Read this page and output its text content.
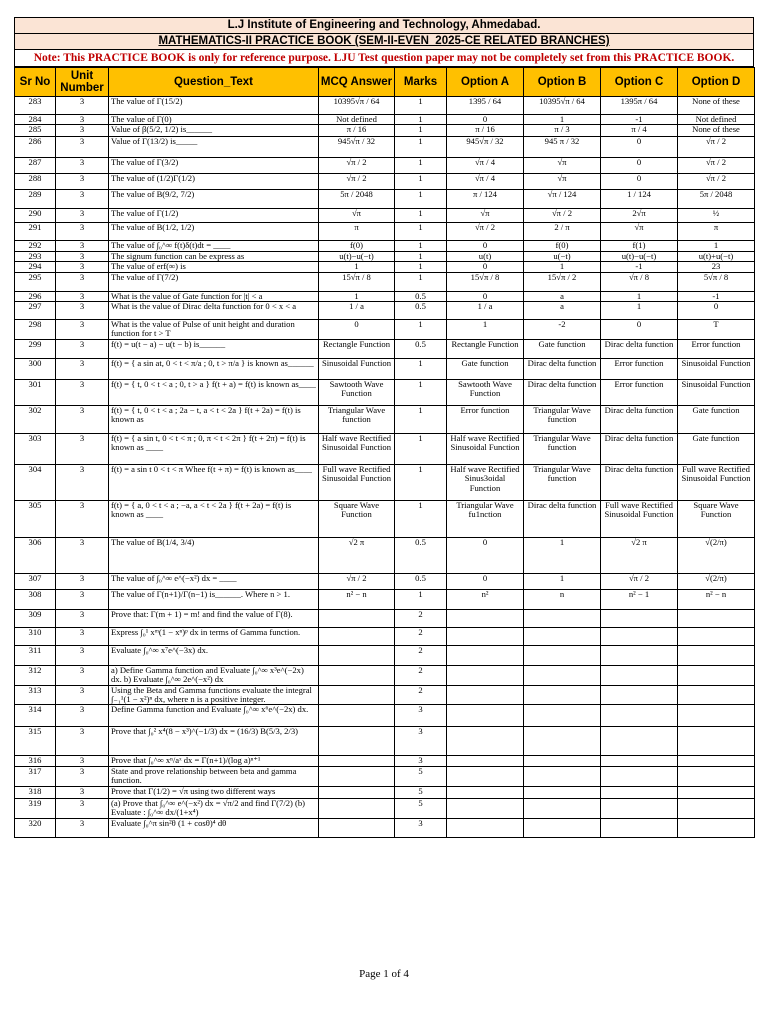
L.J Institute of Engineering and Technology, Ahmedabad.
MATHEMATICS-II PRACTICE BOOK (SEM-II-EVEN_2025-CE RELATED BRANCHES)
Note: This PRACTICE BOOK is only for reference purpose. LJU Test question paper may not be completely set from this PRACTICE BOOK.
Sr No	Unit Number	Question_Text	MCQ Answer	Marks	Option A	Option B	Option C	Option D
283	3	The value of Γ(15/2)	10395√π / 64	1	1395 / 64	10395√π / 64	1395π / 64	None of these
284	3	The value of Γ(0)	Not defined	1	0	1	-1	Not defined
285	3	Value of β(5/2, 1/2) is______	π / 16	1	π / 16	π / 3	π / 4	None of these
286	3	Value of Γ(13/2) is_____	945√π / 32	1	945√π / 32	945 π / 32	0	√π / 2
287	3	The value of Γ(3/2)	√π / 2	1	√π / 4	√π	0	√π / 2
288	3	The value of (1/2)Γ(1/2)	√π / 2	1	√π / 4	√π	0	√π / 2
289	3	The value of B(9/2, 7/2)	5π / 2048	1	π / 124	√π / 124	1 / 124	5π / 2048
290	3	The value of Γ(1/2)	√π	1	√π	√π / 2	2√π	½
291	3	The value of B(1/2, 1/2)	π	1	√π / 2	2 / π	√π	π
292	3	The value of ∫₀^∞ f(t)δ(t)dt = ____	f(0)	1	0	f(0)	f(1)	1
293	3	The signum function can be express as	u(t)−u(−t)	1	u(t)	u(−t)	u(t)−u(−t)	u(t)+u(−t)
294	3	The value of erf(∞) is	1	1	0	1	-1	23
295	3	The value of Γ(7/2)	15√π / 8	1	15√π / 8	15√π / 2	√π / 8	5√π / 8
296	3	What is the value of Gate function for |t| < a	1	0.5	0	a	1	-1
297	3	What is the value of Dirac delta function for 0 < x < a	1 / a	0.5	1 / a	a	1	0
298	3	What is the value of Pulse of unit height and duration function for t > T	0	1	1	-2	0	T
299	3	f(t) = u(t − a) − u(t − b) is______	Rectangle Function	0.5	Rectangle Function	Gate function	Dirac delta function	Error function
300	3	f(t) = { a sin at, 0 < t < π/a ; 0, t > π/a } is known as______	Sinusoidal Function	1	Gate function	Dirac delta function	Error function	Sinusoidal Function
301	3	f(t) = { t, 0 < t < a ; 0, t > a } f(t + a) = f(t) is known as____	Sawtooth Wave Function	1	Sawtooth Wave Function	Dirac delta function	Error function	Sinusoidal Function
302	3	f(t) = { t, 0 < t < a ; 2a − t, a < t < 2a } f(t + 2a) = f(t) is known as	Triangular Wave function	1	Error function	Triangular Wave function	Dirac delta function	Gate function
303	3	f(t) = { a sin t, 0 < t < π ; 0, π < t < 2π } f(t + 2π) = f(t) is known as ____	Half wave Rectified Sinusoidal Function	1	Half wave Rectified Sinusoidal Function	Triangular Wave function	Dirac delta function	Gate function
304	3	f(t) = a sin t 0 < t < π Whee f(t + π) = f(t) is known as____	Full wave Rectified Sinusoidal Function	1	Half wave Rectified Sinus3oidal Function	Triangular Wave function	Dirac delta function	Full wave Rectified Sinusoidal Function
305	3	f(t) = { a, 0 < t < a ; −a, a < t < 2a } f(t + 2a) = f(t) is known as ____	Square Wave Function	1	Triangular Wave fu1nction	Dirac delta function	Full wave Rectified Sinusoidal Function	Square Wave Function
306	3	The value of B(1/4, 3/4)	√2 π	0.5	0	1	√2 π	√(2/π)
307	3	The value of ∫₀^∞ e^(−x²) dx = ____	√π / 2	0.5	0	1	√π / 2	√(2/π)
308	3	The value of Γ(n+1)/Γ(n−1) is______. Where n > 1.	n² − n	1	n²	n	n² − 1	n² − n
309	3	Prove that: Γ(m + 1) = m! and find the value of Γ(8).		2				
310	3	Express ∫₀¹ xᵐ(1 − xⁿ)ᵖ dx in terms of Gamma function.		2				
311	3	Evaluate ∫₀^∞ x⁷e^(−3x) dx.		2				
312	3	a) Define Gamma function and Evaluate ∫₀^∞ x³e^(−2x) dx. b) Evaluate ∫₀^∞ 2e^(−x²) dx		2				
313	3	Using the Beta and Gamma functions evaluate the integral ∫₋₁¹(1 − x²)ⁿ dx, where n is a positive integer.		2				
314	3	Define Gamma function and Evaluate ∫₀^∞ x⁶e^(−2x) dx.		3				
315	3	Prove that ∫₀² x⁴(8 − x³)^(−1/3) dx = (16/3) B(5/3, 2/3)		3				
316	3	Prove that ∫₀^∞ xⁿ/aˣ dx = Γ(n+1)/(log a)ⁿ⁺¹		3				
317	3	State and prove relationship between beta and gamma function.		5				
318	3	Prove that Γ(1/2) = √π using two different ways		5				
319	3	(a) Prove that ∫₀^∞ e^(−x²) dx = √π/2 and find Γ(7/2) (b) Evaluate : ∫₀^∞ dx/(1+x⁴)		5				
320	3	Evaluate ∫₀^π sin²θ (1 + cosθ)⁴ dθ		3				
Page 1 of 4
